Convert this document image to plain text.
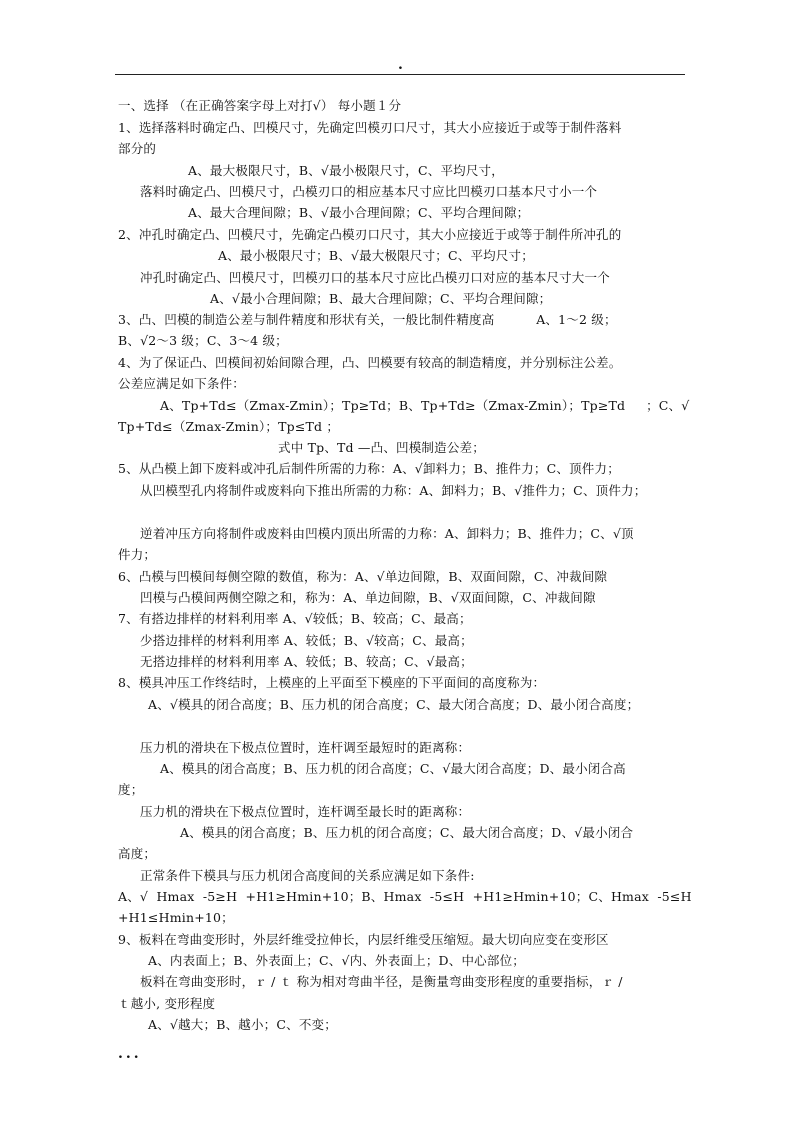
.
一、选择 （在正确答案字母上对打√） 每小题１分
1、选择落料时确定凸、凹模尺寸，先确定凹模刃口尺寸，其大小应接近于或等于制件落料
部分的
A、最大极限尺寸，B、√最小极限尺寸，C、平均尺寸，
落料时确定凸、凹模尺寸，凸模刃口的相应基本尺寸应比凹模刃口基本尺寸小一个
A、最大合理间隙；B、√最小合理间隙；C、平均合理间隙；
2、冲孔时确定凸、凹模尺寸，先确定凸模刃口尺寸，其大小应接近于或等于制件所冲孔的
A、最小极限尺寸；B、√最大极限尺寸；C、平均尺寸；
冲孔时确定凸、凹模尺寸，凹模刃口的基本尺寸应比凸模刃口对应的基本尺寸大一个
A、√最小合理间隙；B、最大合理间隙；C、平均合理间隙；
3、凸、凹模的制造公差与制件精度和形状有关，一般比制件精度高          A、1～2 级；
B、√2～3 级；C、3～4 级；
4、为了保证凸、凹模间初始间隙合理，凸、凹模要有较高的制造精度，并分别标注公差。
公差应满足如下条件：
A、Tp+Td≤（Zmax-Zmin）；Tp≥Td；B、Tp+Td≥（Zmax-Zmin）；Tp≥Td     ；C、√
Tp+Td≤（Zmax-Zmin）；Tp≤Td ；
式中 Tp、Td —凸、凹模制造公差；
5、从凸模上卸下废料或冲孔后制件所需的力称：A、√卸料力；B、推件力；C、顶件力；
从凹模型孔内将制件或废料向下推出所需的力称：A、卸料力；B、√推件力；C、顶件力；
逆着冲压方向将制件或废料由凹模内顶出所需的力称：A、卸料力；B、推件力；C、√顶
件力；
6、凸模与凹模间每侧空隙的数值，称为：A、√单边间隙，B、双面间隙，C、冲裁间隙
凹模与凸模间两侧空隙之和，称为：A、单边间隙，B、√双面间隙，C、冲裁间隙
7、有搭边排样的材料利用率 A、√较低；B、较高；C、最高；
少搭边排样的材料利用率 A、较低；B、√较高；C、最高；
无搭边排样的材料利用率 A、较低；B、较高；C、√最高；
8、模具冲压工作终结时，上模座的上平面至下模座的下平面间的高度称为：
A、√模具的闭合高度；B、压力机的闭合高度；C、最大闭合高度；D、最小闭合高度；
压力机的滑块在下极点位置时，连杆调至最短时的距离称：
A、模具的闭合高度；B、压力机的闭合高度；C、√最大闭合高度；D、最小闭合高
度；
压力机的滑块在下极点位置时，连杆调至最长时的距离称：
A、模具的闭合高度；B、压力机的闭合高度；C、最大闭合高度；D、√最小闭合
高度；
正常条件下模具与压力机闭合高度间的关系应满足如下条件:
A、√  Hmax  -5≥H  +H1≥Hmin+10；B、Hmax  -5≤H  +H1≥Hmin+10；C、Hmax  -5≤H
+H1≤Hmin+10；
9、板料在弯曲变形时，外层纤维受拉伸长，内层纤维受压缩短。最大切向应变在变形区
A、内表面上；B、外表面上；C、√内、外表面上；D、中心部位；
板料在弯曲变形时，ｒ / ｔ 称为相对弯曲半径，是衡量弯曲变形程度的重要指标，ｒ /
ｔ越小, 变形程度
A、√越大；B、越小；C、不变；
...
